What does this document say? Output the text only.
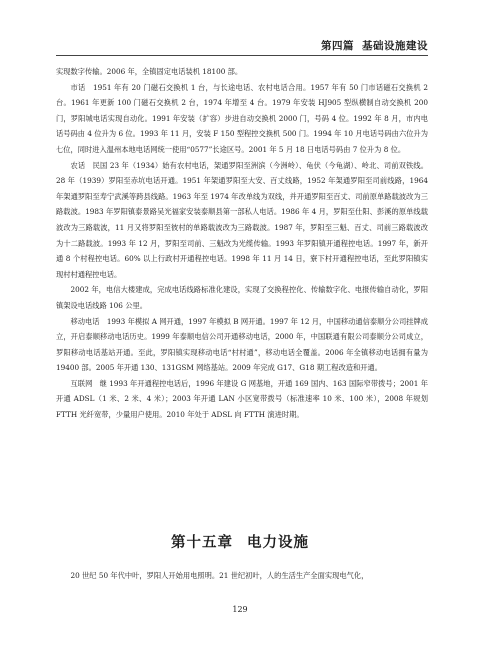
第四篇 基础设施建设

实现数字传输。2006 年，全镇固定电话装机 18100 部。

市话　1951 年有 20 门磁石交换机 1 台，与长途电话、农村电话合用。1957 年有 50 门市话磁石交换机 2 台。1961 年更新 100 门磁石交换机 2 台，1974 年增至 4 台。1979 年安装 HJ905 型纵横制自动交换机 200 门，罗阳城电话实现自动化。1991 年安装（扩容）步进自动交换机 2000 门，号码 4 位。1992 年 8 月，市内电话号码由 4 位升为 6 位。1993 年 11 月，安装 F 150 型程控交换机 500 门。1994 年 10 月电话号码由六位升为七位，同时进入温州本地电话网统一使用“0577”长途区号。2001 年 5 月 18 日电话号码由 7 位升为 8 位。

农话　民国 23 年（1934）始有农村电话，架通罗阳至洲滨（今洲岭）、龟伏（今龟湖）、岭北、司前双铁线。28 年（1939）罗阳至赤坑电话开通。1951 年架通罗阳至大安、百丈线路，1952 年架通罗阳至司前线路，1964 年架通罗阳至寿宁武溪等跨县线路。1963 年至 1974 年改单线为双线，并开通罗阳至百丈、司前原单路载波改为三路载波。1983 年罗阳镇泰景路吴光福家安装泰顺县第一部私人电话。1986 年 4 月，罗阳至仕阳、彭溪的原单线载波改为三路载波，11 月又将罗阳至彼村的单路载波改为三路载波。1987 年，罗阳至三魁、百丈、司前三路载波改为十二路载波。1993 年 12 月，罗阳至司前、三魁改为光缆传输。1993 年罗阳镇开通程控电话。1997 年，新开通 8 个村程控电话。60% 以上行政村开通程控电话。1998 年 11 月 14 日，寮下村开通程控电话，至此罗阳镇实现村村通程控电话。

2002 年，电信大楼建成，完成电话线路标准化建设，实现了交换程控化、传输数字化、电报传输自动化，罗阳镇架设电话线路 106 公里。

移动电话　1993 年模拟 A 网开通，1997 年模拟 B 网开通。1997 年 12 月，中国移动通信泰顺分公司挂牌成立，开启泰顺移动电话历史。1999 年泰顺电信公司开通移动电话，2000 年，中国联通有限公司泰顺分公司成立，罗阳移动电话基站开通。至此，罗阳镇实现移动电话“村村通”，移动电话全覆盖。2006 年全镇移动电话拥有量为 19400 部。2005 年开通 130、131GSM 网络基站。2009 年完成 G17、G18 期工程改造和开通。

互联网　继 1993 年开通程控电话后，1996 年建设 G 网基地，开通 169 国内、163 国际窄带拨号；2001 年开通 ADSL（1 米、2 米、4 米）；2003 年开通 LAN 小区宽带拨号（标准速率 10 米、100 米），2008 年规划 FTTH 光纤宽带，少量用户使用。2010 年处于 ADSL 向 FTTH 演进时期。

第十五章 电力设施
20 世纪 50 年代中叶，罗阳人开始用电照明。21 世纪初叶，人的生活生产全面实现电气化，
129
